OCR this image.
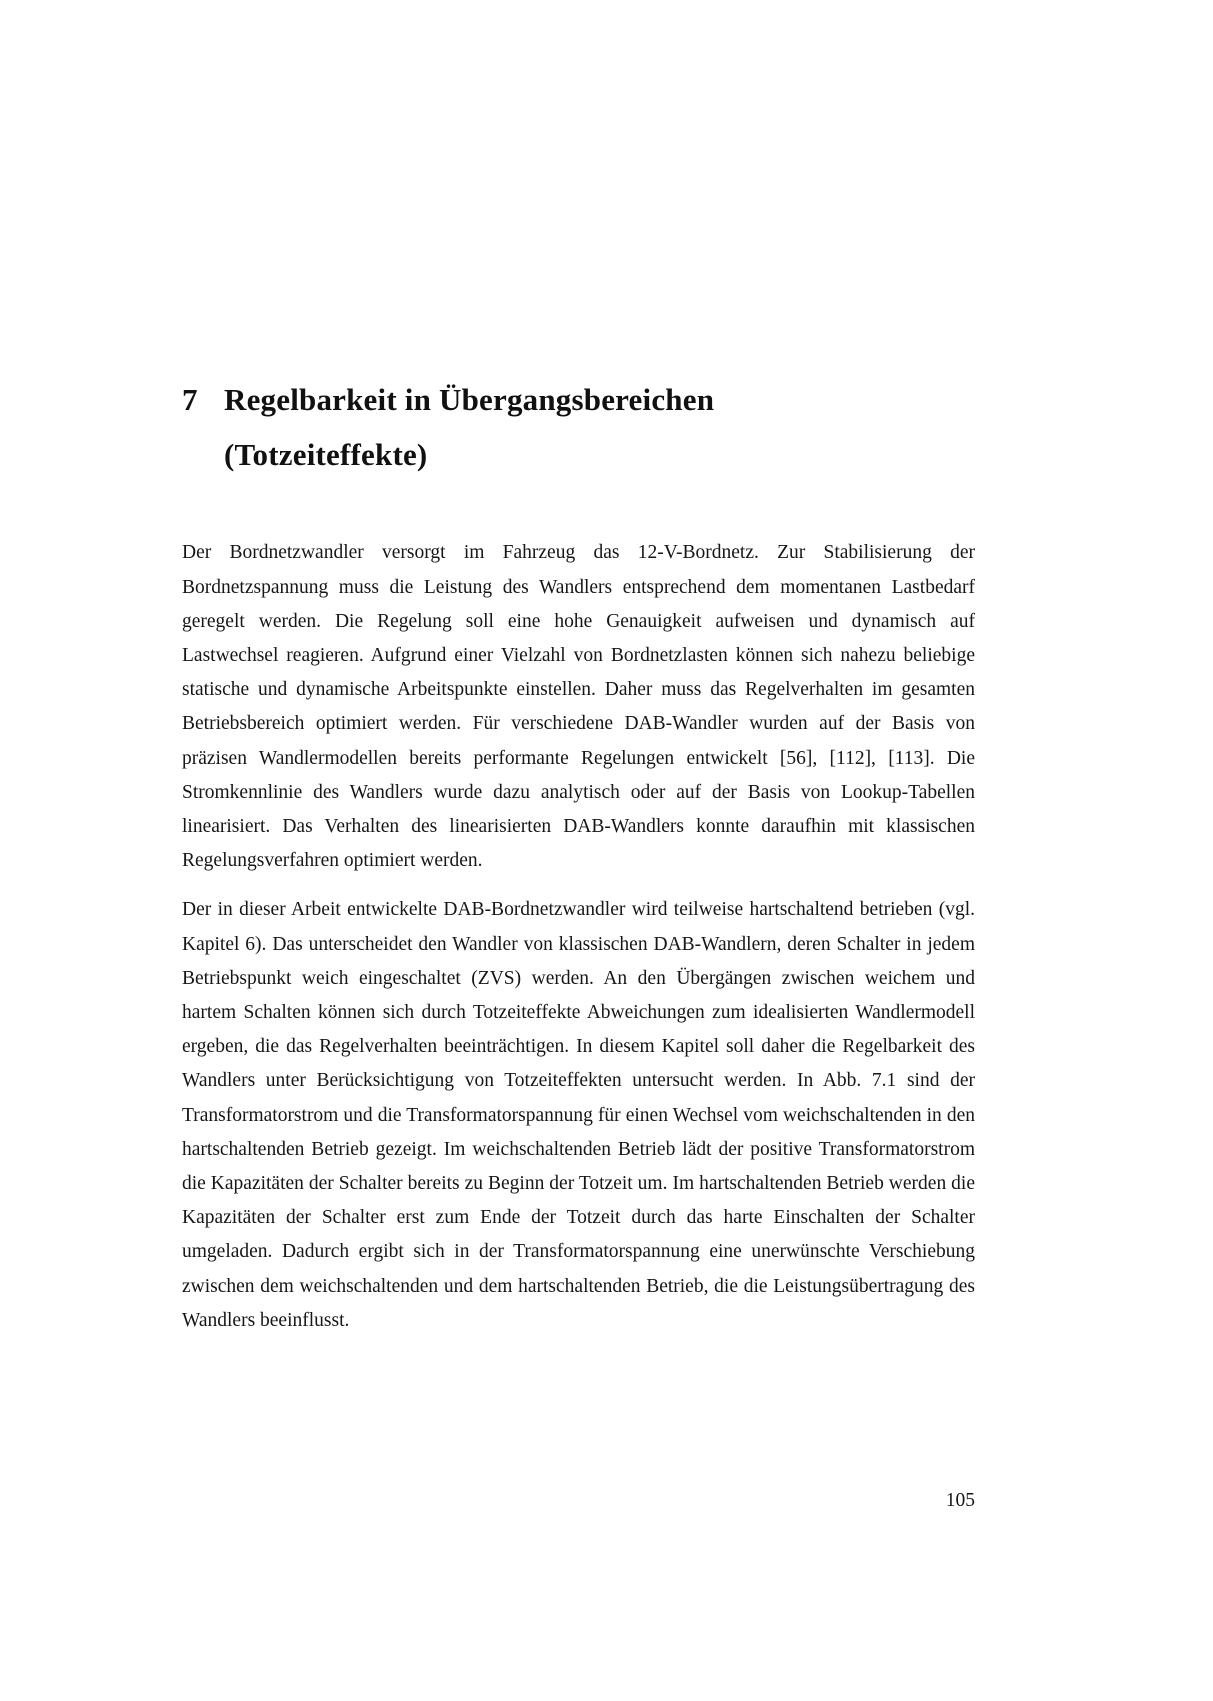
7 Regelbarkeit in Übergangsbereichen
(Totzeiteffekte)

Der Bordnetzwandler versorgt im Fahrzeug das 12-V-Bordnetz. Zur Stabilisierung der Bordnetzspannung muss die Leistung des Wandlers entsprechend dem momentanen Lastbedarf geregelt werden. Die Regelung soll eine hohe Genauigkeit aufweisen und dynamisch auf Lastwechsel reagieren. Aufgrund einer Vielzahl von Bordnetzlasten können sich nahezu beliebige statische und dynamische Arbeitspunkte einstellen. Daher muss das Regelverhalten im gesamten Betriebsbereich optimiert werden. Für verschiedene DAB-Wandler wurden auf der Basis von präzisen Wandlermodellen bereits performante Regelungen entwickelt [56], [112], [113]. Die Stromkennlinie des Wandlers wurde dazu analytisch oder auf der Basis von Lookup-Tabellen linearisiert. Das Verhalten des linearisierten DAB-Wandlers konnte daraufhin mit klassischen Regelungsverfahren optimiert werden.

Der in dieser Arbeit entwickelte DAB-Bordnetzwandler wird teilweise hartschaltend betrieben (vgl. Kapitel 6). Das unterscheidet den Wandler von klassischen DAB-Wandlern, deren Schalter in jedem Betriebspunkt weich eingeschaltet (ZVS) werden. An den Übergängen zwischen weichem und hartem Schalten können sich durch Totzeiteffekte Abweichungen zum idealisierten Wandlermodell ergeben, die das Regelverhalten beeinträchtigen. In diesem Kapitel soll daher die Regelbarkeit des Wandlers unter Berücksichtigung von Totzeiteffekten untersucht werden. In Abb. 7.1 sind der Transformatorstrom und die Transformatorspannung für einen Wechsel vom weichschaltenden in den hartschaltenden Betrieb gezeigt. Im weichschaltenden Betrieb lädt der positive Transformatorstrom die Kapazitäten der Schalter bereits zu Beginn der Totzeit um. Im hartschaltenden Betrieb werden die Kapazitäten der Schalter erst zum Ende der Totzeit durch das harte Einschalten der Schalter umgeladen. Dadurch ergibt sich in der Transformatorspannung eine unerwünschte Verschiebung zwischen dem weichschaltenden und dem hartschaltenden Betrieb, die die Leistungsübertragung des Wandlers beeinflusst.

105
